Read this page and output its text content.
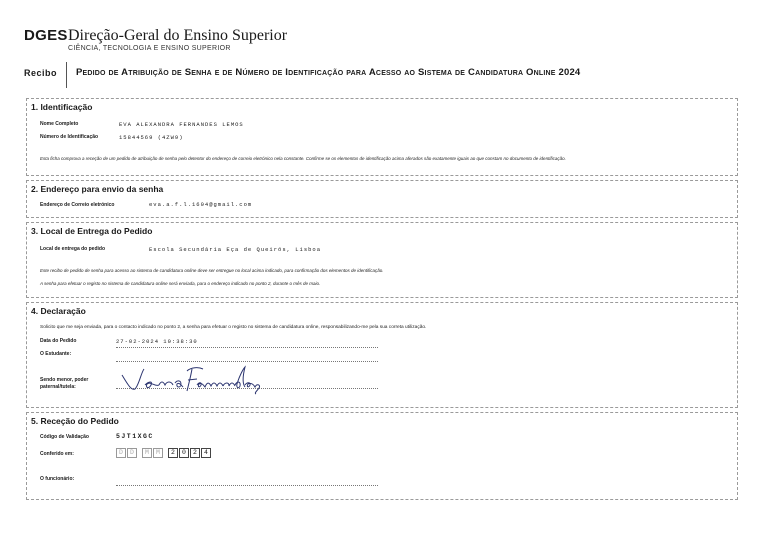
DGES Direção-Geral do Ensino Superior
CIÊNCIA, TECNOLOGIA E ENSINO SUPERIOR
Recibo Pedido de Atribuição de Senha e de Número de Identificação para Acesso ao Sistema de Candidatura Online 2024
1. Identificação
Nome Completo	EVA ALEXANDRA FERNANDES LEMOS
Número de Identificação	15844569 (4ZW9)
Esta ficha comprova a receção de um pedido de atribuição de senha pelo detentor do endereço de correio eletrónico nela constante. Confirme se os elementos de identificação acima aferados são exatamente iguais ao que constam no documento de identificação.
2. Endereço para envio da senha
Endereço de Correio eletrónico	eva.a.f.l.1604@gmail.com
3. Local de Entrega do Pedido
Local de entrega do pedido	Escola Secundária Eça de Queirós, Lisboa
Este recibo de pedido de senha para acesso ao sistema de candidatura online deve ser entregue no local acima indicado, para confirmação dos elementos de identificação.
A senha para efetuar o registo no sistema de candidatura online será enviada, para o endereço indicado no ponto 2, durante o mês de maio.
4. Declaração
Solicito que me seja enviada, para o contacto indicado no ponto 2, a senha para efetuar o registo no sistema de candidatura online, responsabilizando-me pela sua correta utilização.
Data do Pedido	27-02-2024 10:38:30
O Estudante:
Sendo menor, poder
paternal/tutela:
5. Receção do Pedido
Código de Validação	5JT1XGC
Conferido em:	D	D	M	M	2	0	2	4
O funcionário:
